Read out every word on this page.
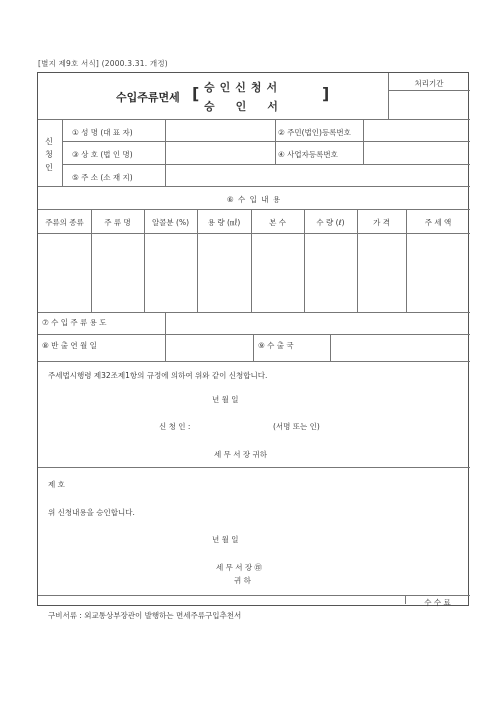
[별지 제9호 서식] (2000.3.31. 개정)
수입주류면세 [ 승인신청서
승인서
]
처리기간
신청인
① 성 명 (대 표 자)	② 주민(법인)등록번호
③ 상 호 (법 인 명)	④ 사업자등록번호
⑤ 주 소 (소 재 지)
⑥ 수 입 내 용
주류의 종류	주 류 명	알콜분 (%)	용 량 (㎖)	본 수	수 량 (ℓ)	가 격	주 세 액
⑦ 수 입 주 류 용 도
⑧ 반 출 연 월 일	⑨ 수 출 국
주세법시행령 제32조제1항의 규정에 의하여 위와 같이 신청합니다.
년 월 일
신 청 인 :	(서명 또는 인)
세 무 서 장 귀하
제 호
위 신청내용을 승인합니다.
년 월 일
세 무 서 장 ㊞
귀 하
구비서류 : 외교통상부장관이 발행하는 면세주류구입추천서
수 수 료
